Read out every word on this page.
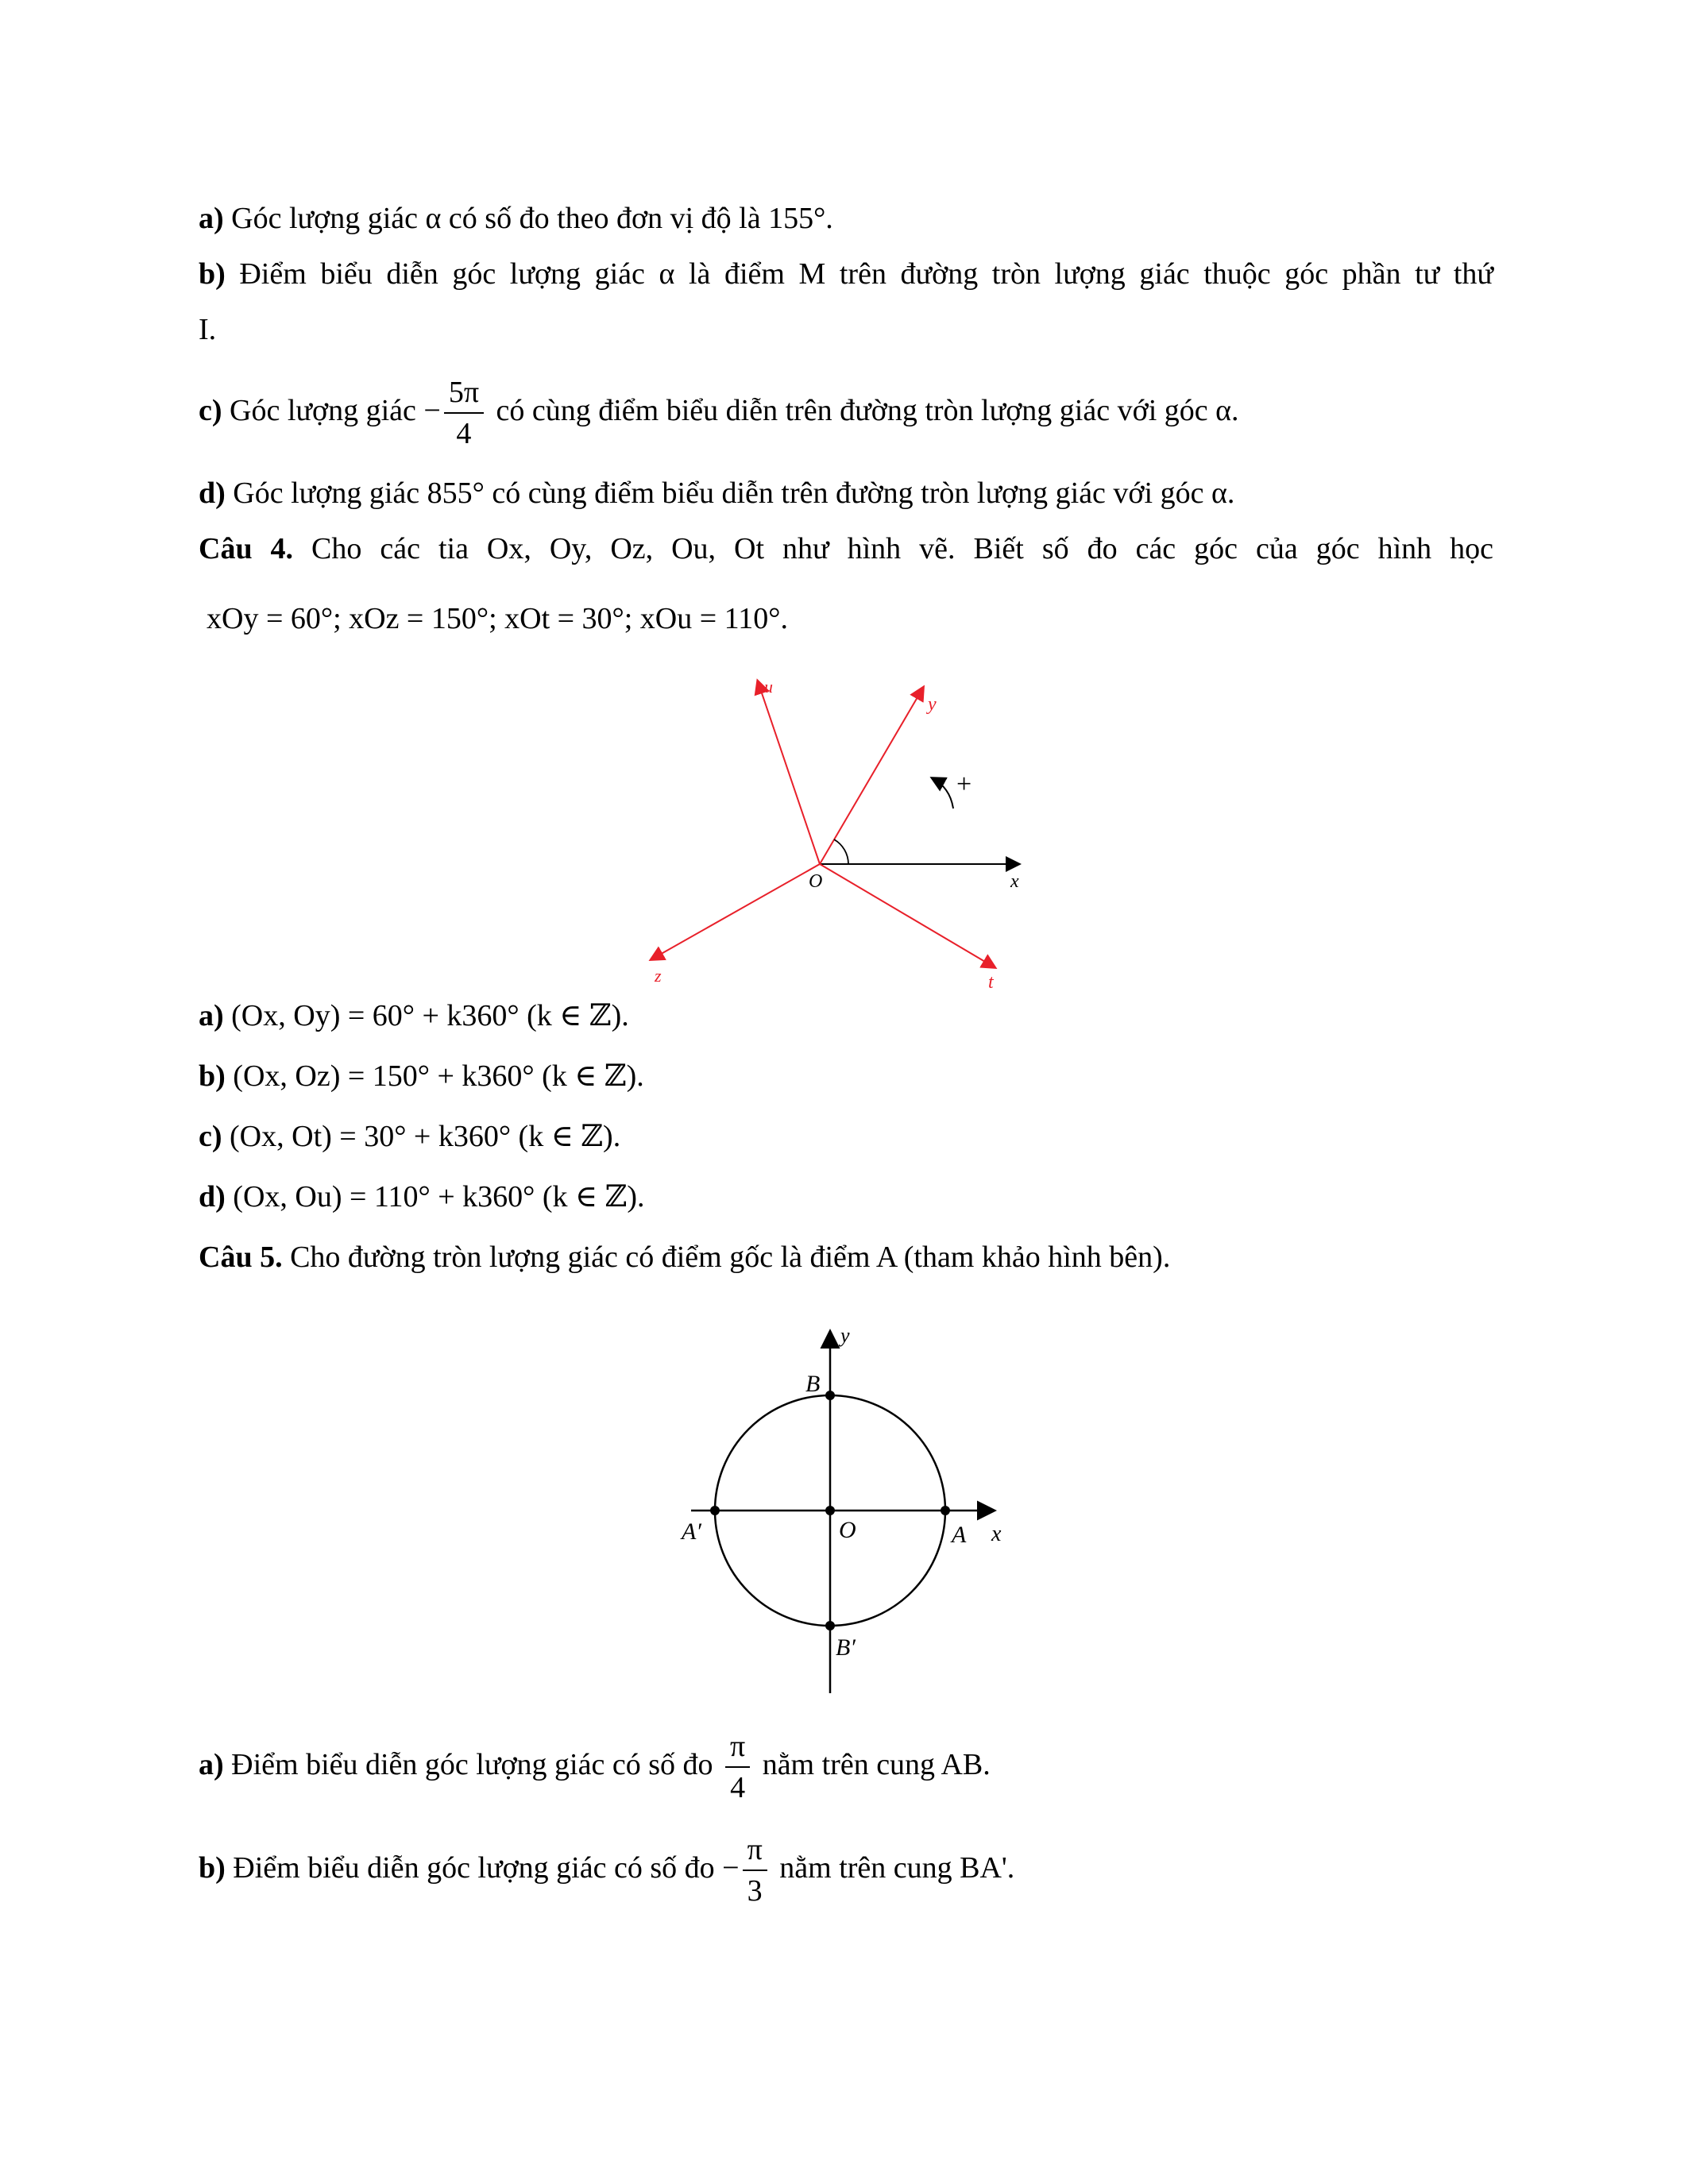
a) Góc lượng giác α có số đo theo đơn vị độ là 155°.
b) Điểm biểu diễn góc lượng giác α là điểm M trên đường tròn lượng giác thuộc góc phần tư thứ
I.
c) Góc lượng giác − $\frac{5\pi}{4}$ có cùng điểm biểu diễn trên đường tròn lượng giác với góc α.
d) Góc lượng giác 855° có cùng điểm biểu diễn trên đường tròn lượng giác với góc α.
Câu 4. Cho các tia Ox, Oy, Oz, Ou, Ot như hình vẽ. Biết số đo các góc của góc hình học
xOy = 60°; xOz = 150°; xOt = 30°; xOu = 110°.
u
y
+
O	x
z	t
a) (Ox, Oy) = 60° + k360° (k ∈ ℤ).
b) (Ox, Oz) = 150° + k360° (k ∈ ℤ).
c) (Ox, Ot) = 30° + k360° (k ∈ ℤ).
d) (Ox, Ou) = 110° + k360° (k ∈ ℤ).
Câu 5. Cho đường tròn lượng giác có điểm gốc là điểm A (tham khảo hình bên).
y
B
O	A x
A′
B′
a) Điểm biểu diễn góc lượng giác có số đo $\frac{\pi}{4}$ nằm trên cung AB.
b) Điểm biểu diễn góc lượng giác có số đo − $\frac{\pi}{3}$ nằm trên cung BA'.
